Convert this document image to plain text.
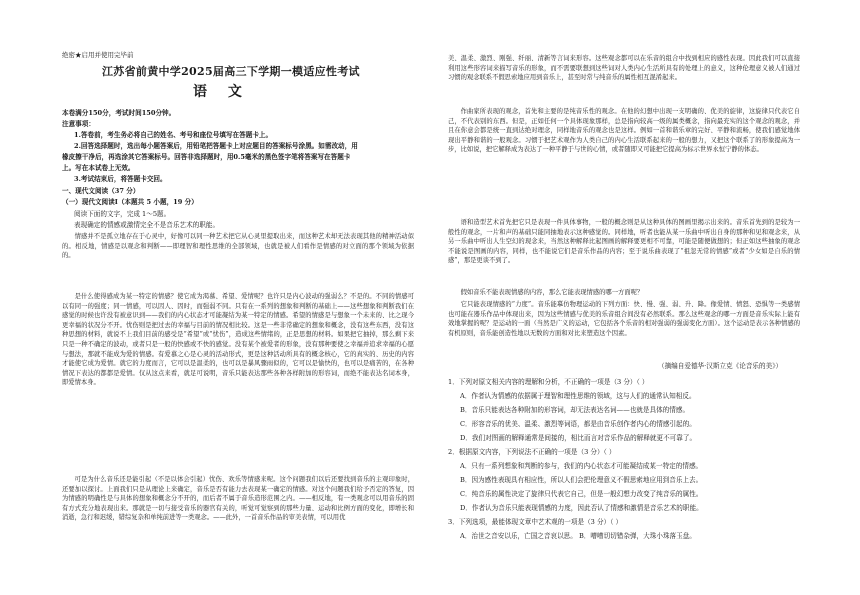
绝密★启用并使用完毕前
江苏省前黄中学2025届高三下学期一模适应性考试
语 文
本卷满分150分，考试时间150分钟。
注意事项：
1.答卷前，考生务必将自己的姓名、考号和座位号填写在答题卡上。
2.回答选择题时，选出每小题答案后，用铅笔把答题卡上对应题目的答案标号涂黑。如需改动，用
橡皮擦干净后，再选涂其它答案标号。回答非选择题时，用0.5毫米的黑色签字笔将答案写在答题卡
上。写在本试卷上无效。
3.考试结束后，将答题卡交回。
一、现代文阅读（37 分）
（一）现代文阅读Ⅰ（本题共 5 小题，19 分）
阅读下面的文字，完成 1～5题。
表现确定的情感或激情完全不是音乐艺术的职能。
情感并不是孤立地存在于心灵中，好像可以同一种艺术把它从心灵里提取出来，而这种艺术却无法表现其他的精神活动似的。相反地，情感是以观念和判断——即理智和理性思维的全部领域，也就是被人们看作是情感的对立面的那个领域为依据的。
是什么使得感成为某一特定的情感？使它成为渴慕、希望、爱情呢？也许只是内心波动的强弱么？不是的。不同的情感可以有同一的强度；同一情感，可以因人、因时，而强弱不同。只有在一系列的想象和判断的基础上——这些想象和判断我们在感觉的时候也许没有被意识到——我们的内心状态才可能凝结为某一特定的情感。希望的情感是与想象一个未来的、比之现今更幸福的状况分不开。忧伤则是把过去的幸福与目前的情况相比较。这是一些非常确定的想象和概念，没有这些东西，没有这种思想的材料，就说不上我们目前的感受是“希望”或“忧伤”，造成这些情绪的，正是思想的材料。如果把它抽掉，那么剩下来只是一种不确定的波动，或者只是一般的快感或不快的感觉。没有某个被爱者的形象，没有那种要使之幸福并追求幸福的心愿与想法，那就不能成为爱的情感。有爱慕之心是心灵的活动形式，更是这种活动所具有的概念核心，它的真实的、历史的内容才能使它成为爱情。就它的力度而言，它可以是温柔的，也可以是暴风骤雨似的，它可以是愉快的，也可以是痛苦的，在各种情况下表达的都都是爱情。仅从这点来看，就足可说明，音乐只能表达那些各种各样附加的形容词，而绝不能表达名词本身，即爱情本身。
可是为什么音乐还是能引起（不是以体会引起）忧伤、欢乐等情感来呢。这个问题我们以后还要找到音乐的主观印象时，还要加以探讨。上面我们只是从理论上来确定，音乐是否有能力去表现某一确定的情感。对这个问题我们给予否定的答复，因为情感的明确性是与具体的想象和概念分不开的，而后者不属于音乐造形范围之内。——相反地，有一类观念可以用音乐的固有方式充分地表现出来。那就是一切与接受音乐的器官有关的，听觉可觉察到的那些力量、运动和比例方面的变化，即增长和消逝，急行和迟缓，错综复杂和单纯前进等一类观念。——此外，一首音乐作品的审美表情，可以用优
美、温柔、激烈、刚强、纤丽、清新等言词来形容。这些观念都可以在乐音的组合中找到相应的感性表现。因此我们可以直接利用这些形容词来描写音乐的形象，而不需要联想到这些词对人类内心生活所具有的处理上的意义，这种伦理意义被人们通过习惯的观念联系不假思索地应用到音乐上，甚至时常与纯音乐的属性相互混淆起来。
作曲家所表现的观念，首先和主要的是纯音乐性的观念。在他的幻想中出现一支明确的、优美的旋律，这旋律只代表它自己，不代表别的东西。但是，正如任何一个具体现象那样，总是指向较高一级的属类概念，指向最充实的这个观念的观念，并且在你意会都是统一直到达绝对理念，同样地音乐的观念也是这样。例如一首和谐乐章的完好、平静和流畅，使我们感觉地体现出平静和谐的一般观念。习惯于把艺术观作为人类自己的内心生活联系起来的一般的想力，又把这个联系了的形象提高为一步，比如说，把它解释成为表达了一种平静于与世的心情，或者随即又可能把它提高为标示世界永恒宁静的体态。
语和造型艺术首先把它只是表现一件具体事物，一般的概念则是从这种具体的图画里揭示出来的。音乐首先到的是较为一般性的观念，一片和声的基础只能同抽地表示这种感觉的。同样地，听者也能从某一乐曲中听出自身的那种和见和观念来，从另一乐曲中听出人生空幻的现念来，当然这种解释比起图画的解释要更相不可靠，可能是随便做想的；但正如这些抽象的观念不能说是图画的内容，同样，也不能说它们是音乐作品的内容；至于说乐曲表现了“祖忽无常的情感”或者“少女如是自乐的情感”，那是更谈不到了。
假如音乐不能表现情感的内容，那么它能表现情感的哪一方面呢？
它只能表现情感的“力度”。音乐能摹仿物理运动的下列方面：快、慢、强、弱、升、降。像爱情、愤怒、恐惧等一类感情也可能在器乐作品中体现出来，因为这些情感与优美的乐音组合间没有必然联系。那么这些观念的哪一方面是音乐实际上能有效地掌握的呢？是运动的一面（当然是广义的运动，它包括各个乐音的相对强弱的强弱变化方面）。这个运动是表示各种情感的有机原则，音乐能创造性地以无数的方面和对比来塑造这个因素。
（摘编自爱德华·汉斯立克《论音乐的美》）
1．下列对原文相关内容的理解和分析，不正确的一项是（3 分）（ ）
A．作者认为情感的依据属于理智和理性思维的领域，这与人们的通常认知相反。
B．音乐只能表达各种附加的形容词，却无法表达名词——也就是具体的情感。
C．形容音乐的优美、温柔、激烈等词语，都是由音乐创作者内心的情感引起的。
D．我们对图画的解释通常是间接的，相比而言对音乐作品的解释就更不可靠了。
2．根据原文内容，下列说法不正确的一项是（3 分）（ ）
A．只有一系列想象和判断的参与，我们的内心状态才可能凝结成某一特定的情感。
B．因为感性表现具有相应性，所以人们会把伦理意义不假思索地应用到音乐上去。
C．纯音乐的属性决定了旋律只代表它自己，但是一般幻想力改变了纯音乐的属性。
D．作者认为音乐只能表现情感的力度，因此否认了情感和激情是音乐艺术的职能。
3．下列选项，最能体现文章中艺术观的一项是（3 分）（ ）
A．治世之音安以乐，亡国之音哀以思。 B．嘈嘈切切错杂弹，大珠小珠落玉盘。
